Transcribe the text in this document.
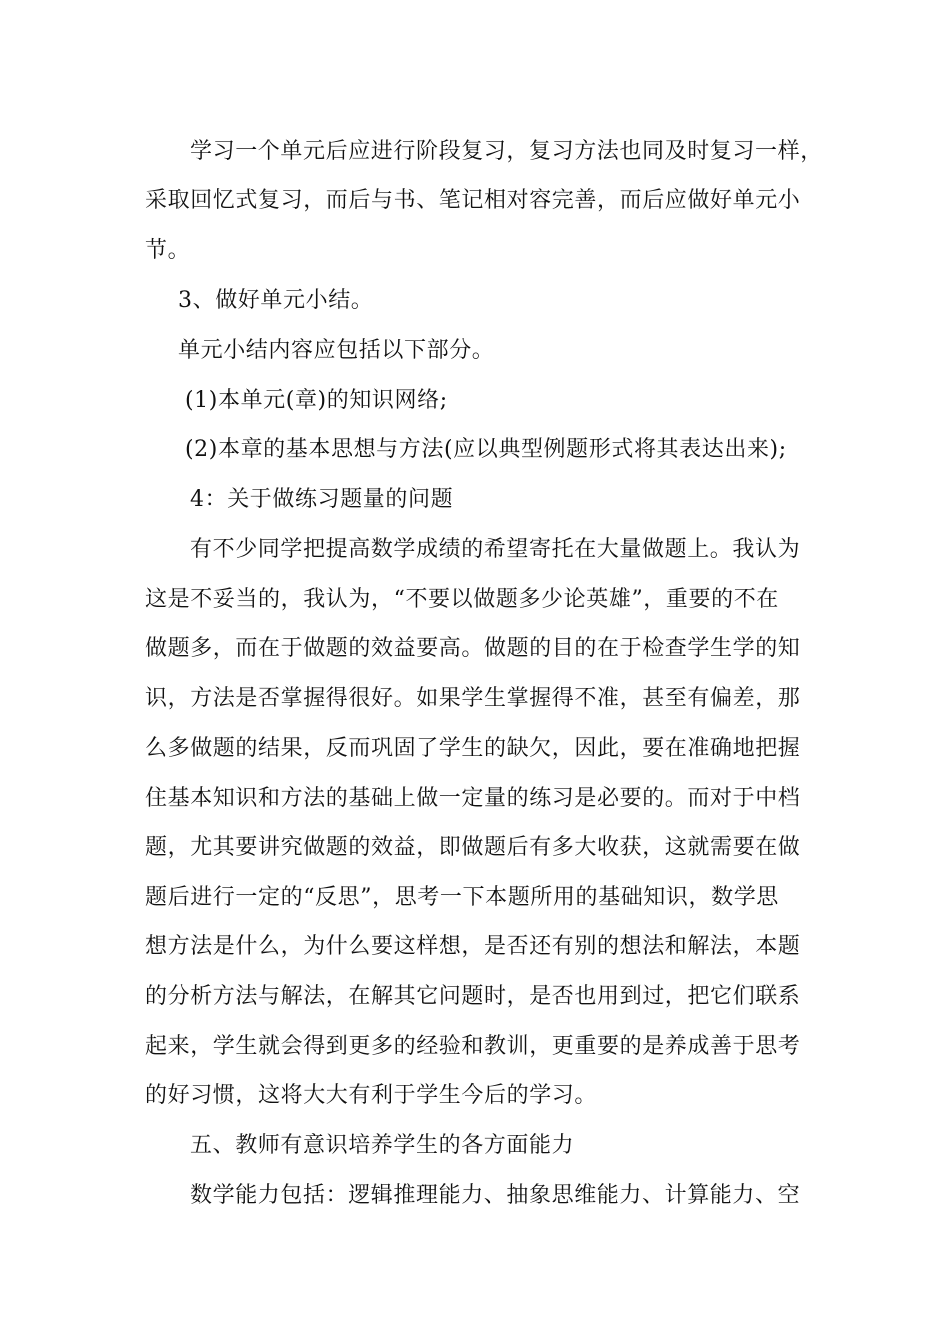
学习一个单元后应进行阶段复习，复习方法也同及时复习一样，

采取回忆式复习，而后与书、笔记相对容完善，而后应做好单元小

节。

3、做好单元小结。

单元小结内容应包括以下部分。

(1)本单元(章)的知识网络;

(2)本章的基本思想与方法(应以典型例题形式将其表达出来);

4：关于做练习题量的问题

有不少同学把提高数学成绩的希望寄托在大量做题上。我认为

这是不妥当的，我认为，“不要以做题多少论英雄”，重要的不在

做题多，而在于做题的效益要高。做题的目的在于检查学生学的知

识，方法是否掌握得很好。如果学生掌握得不准，甚至有偏差，那

么多做题的结果，反而巩固了学生的缺欠，因此，要在准确地把握

住基本知识和方法的基础上做一定量的练习是必要的。而对于中档

题，尤其要讲究做题的效益，即做题后有多大收获，这就需要在做

题后进行一定的“反思”，思考一下本题所用的基础知识，数学思

想方法是什么，为什么要这样想，是否还有别的想法和解法，本题

的分析方法与解法，在解其它问题时，是否也用到过，把它们联系

起来，学生就会得到更多的经验和教训，更重要的是养成善于思考

的好习惯，这将大大有利于学生今后的学习。

五、教师有意识培养学生的各方面能力

数学能力包括：逻辑推理能力、抽象思维能力、计算能力、空
